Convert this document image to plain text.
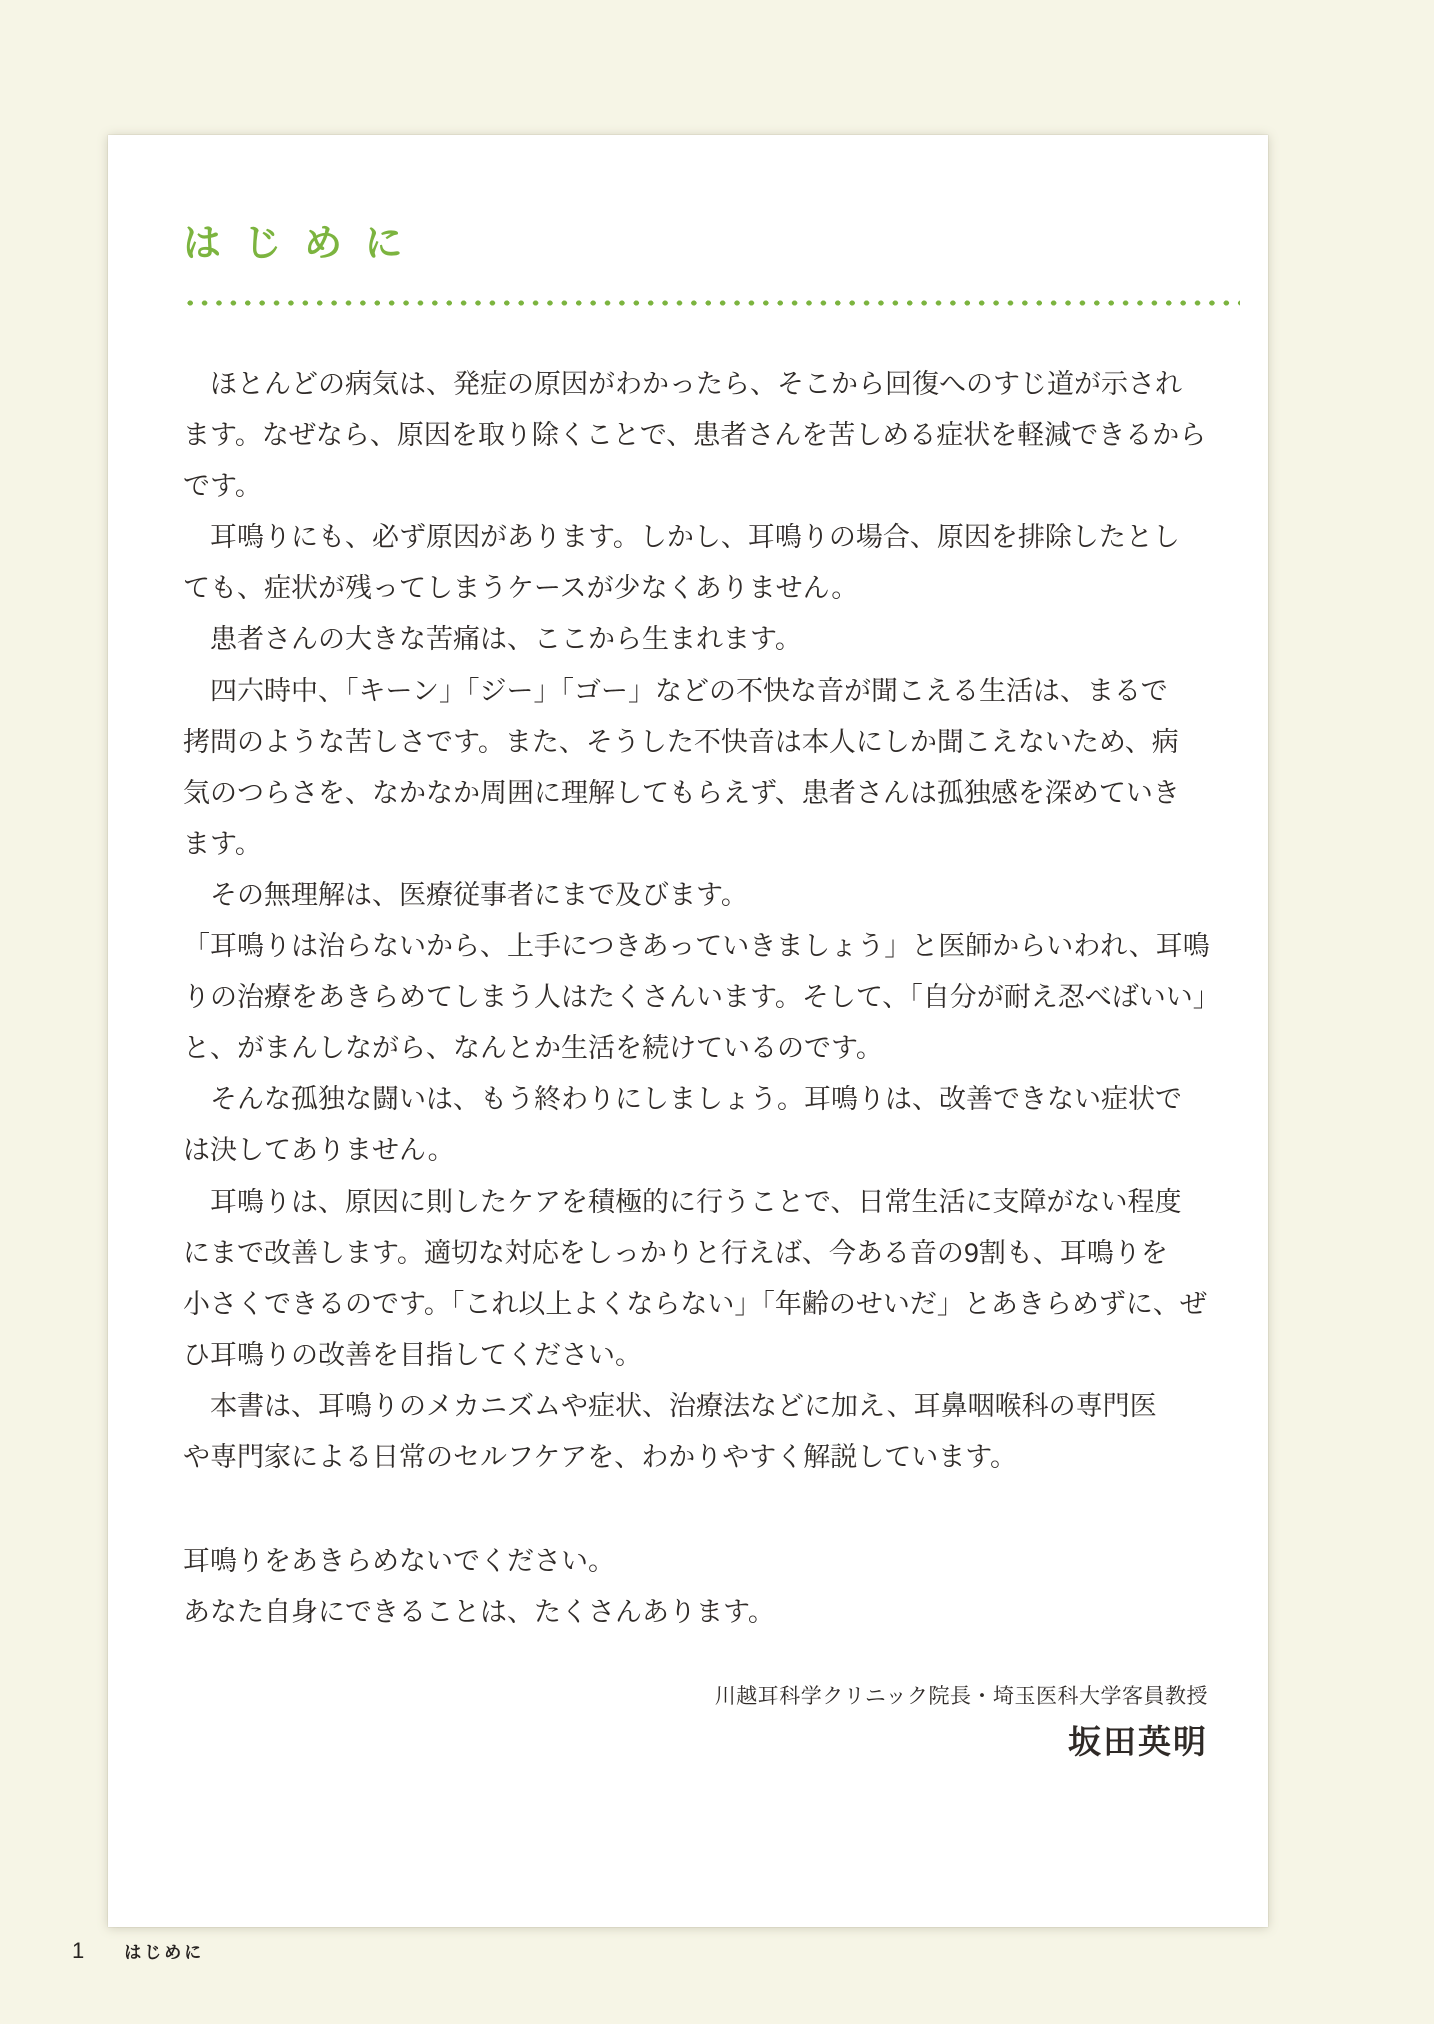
は じ め に
ほとんどの病気は、発症の原因がわかったら、そこから回復へのすじ道が示され
ます。なぜなら、原因を取り除くことで、患者さんを苦しめる症状を軽減できるから
です。
耳鳴りにも、必ず原因があります。しかし、耳鳴りの場合、原因を排除したとし
ても、症状が残ってしまうケースが少なくありません。
患者さんの大きな苦痛は、ここから生まれます。
四六時中、「キーン」「ジー」「ゴー」などの不快な音が聞こえる生活は、まるで
拷問のような苦しさです。また、そうした不快音は本人にしか聞こえないため、病
気のつらさを、なかなか周囲に理解してもらえず、患者さんは孤独感を深めていき
ます。
その無理解は、医療従事者にまで及びます。
「耳鳴りは治らないから、上手につきあっていきましょう」と医師からいわれ、耳鳴
りの治療をあきらめてしまう人はたくさんいます。そして、「自分が耐え忍べばいい」
と、がまんしながら、なんとか生活を続けているのです。
そんな孤独な闘いは、もう終わりにしましょう。耳鳴りは、改善できない症状で
は決してありません。
耳鳴りは、原因に則したケアを積極的に行うことで、日常生活に支障がない程度
にまで改善します。適切な対応をしっかりと行えば、今ある音の9割も、耳鳴りを
小さくできるのです。「これ以上よくならない」「年齢のせいだ」とあきらめずに、ぜ
ひ耳鳴りの改善を目指してください。
本書は、耳鳴りのメカニズムや症状、治療法などに加え、耳鼻咽喉科の専門医
や専門家による日常のセルフケアを、わかりやすく解説しています。
耳鳴りをあきらめないでください。
あなた自身にできることは、たくさんあります。
川越耳科学クリニック院長・埼玉医科大学客員教授
坂田英明
1 はじめに
